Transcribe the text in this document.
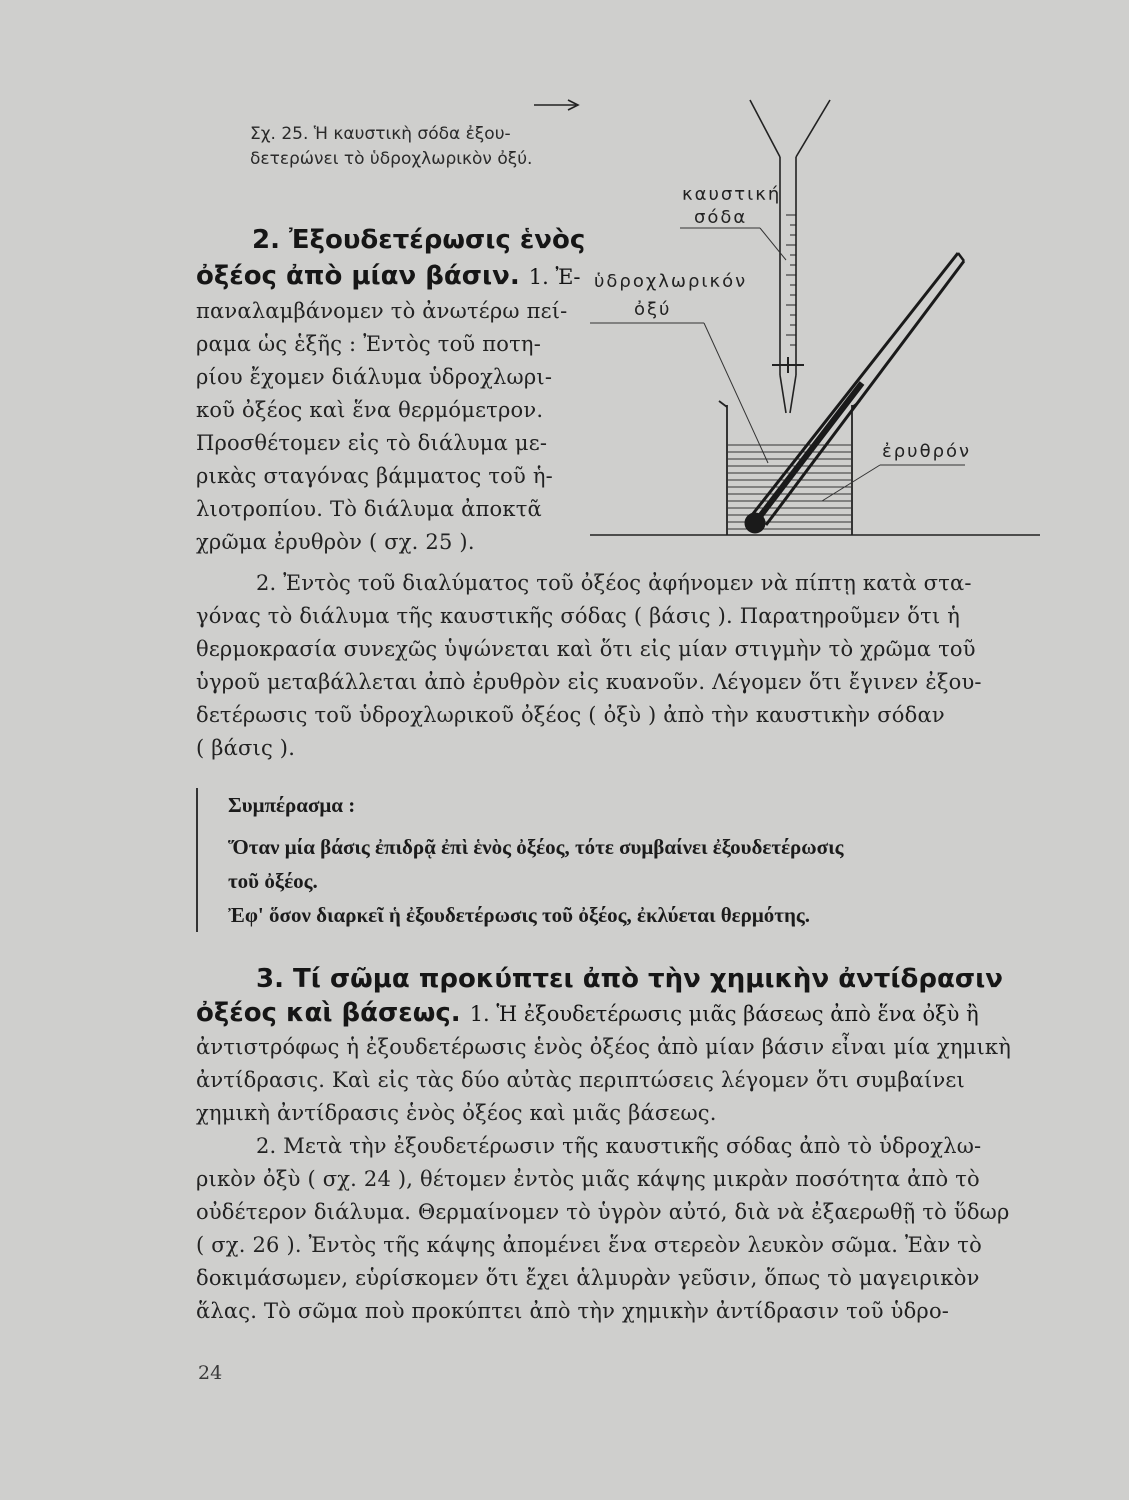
Σχ. 25. Ἡ καυστικὴ σόδα ἐξου-

δετερώνει τὸ ὑδροχλωρικὸν ὀξύ.

καυστική
σόδα
ὑδροχλωρικόν
ὀξύ
ἐρυθρόν

2. Ἐξουδετέρωσις ἑνὸς

ὀξέος ἀπὸ μίαν βάσιν. 1. Ἐ-

παναλαμβάνομεν τὸ ἀνωτέρω πεί-

ραμα ὡς ἑξῆς : Ἐντὸς τοῦ ποτη-

ρίου ἔχομεν διάλυμα ὑδροχλωρι-

κοῦ ὀξέος καὶ ἕνα θερμόμετρον.

Προσθέτομεν εἰς τὸ διάλυμα με-

ρικὰς σταγόνας βάμματος τοῦ ἡ-

λιοτροπίου. Τὸ διάλυμα ἀποκτᾶ

χρῶμα ἐρυθρὸν ( σχ. 25 ).

2. Ἐντὸς τοῦ διαλύματος τοῦ ὀξέος ἀφήνομεν νὰ πίπτῃ κατὰ στα-

γόνας τὸ διάλυμα τῆς καυστικῆς σόδας ( βάσις ). Παρατηροῦμεν ὅτι ἡ

θερμοκρασία συνεχῶς ὑψώνεται καὶ ὅτι εἰς μίαν στιγμὴν τὸ χρῶμα τοῦ

ὑγροῦ μεταβάλλεται ἀπὸ ἐρυθρὸν εἰς κυανοῦν. Λέγομεν ὅτι ἔγινεν ἐξου-

δετέρωσις τοῦ ὑδροχλωρικοῦ ὀξέος ( ὀξὺ ) ἀπὸ τὴν καυστικὴν σόδαν

( βάσις ).

Συμπέρασμα :

Ὅταν μία βάσις ἐπιδρᾷ ἐπὶ ἑνὸς ὀξέος, τότε συμβαίνει ἐξουδετέρωσις

τοῦ ὀξέος.

Ἐφ' ὅσον διαρκεῖ ἡ ἐξουδετέρωσις τοῦ ὀξέος, ἐκλύεται θερμότης.

3. Τί σῶμα προκύπτει ἀπὸ τὴν χημικὴν ἀντίδρασιν

ὀξέος καὶ βάσεως. 1. Ἡ ἐξουδετέρωσις μιᾶς βάσεως ἀπὸ ἕνα ὀξὺ ἢ

ἀντιστρόφως ἡ ἐξουδετέρωσις ἑνὸς ὀξέος ἀπὸ μίαν βάσιν εἶναι μία χημικὴ

ἀντίδρασις. Καὶ εἰς τὰς δύο αὐτὰς περιπτώσεις λέγομεν ὅτι συμβαίνει

χημικὴ ἀντίδρασις ἑνὸς ὀξέος καὶ μιᾶς βάσεως.

2. Μετὰ τὴν ἐξουδετέρωσιν τῆς καυστικῆς σόδας ἀπὸ τὸ ὑδροχλω-

ρικὸν ὀξὺ ( σχ. 24 ), θέτομεν ἐντὸς μιᾶς κάψης μικρὰν ποσότητα ἀπὸ τὸ

οὐδέτερον διάλυμα. Θερμαίνομεν τὸ ὑγρὸν αὐτό, διὰ νὰ ἐξαερωθῇ τὸ ὕδωρ

( σχ. 26 ). Ἐντὸς τῆς κάψης ἀπομένει ἕνα στερεὸν λευκὸν σῶμα. Ἐὰν τὸ

δοκιμάσωμεν, εὑρίσκομεν ὅτι ἔχει ἁλμυρὰν γεῦσιν, ὅπως τὸ μαγειρικὸν

ἅλας. Τὸ σῶμα ποὺ προκύπτει ἀπὸ τὴν χημικὴν ἀντίδρασιν τοῦ ὑδρο-

24
